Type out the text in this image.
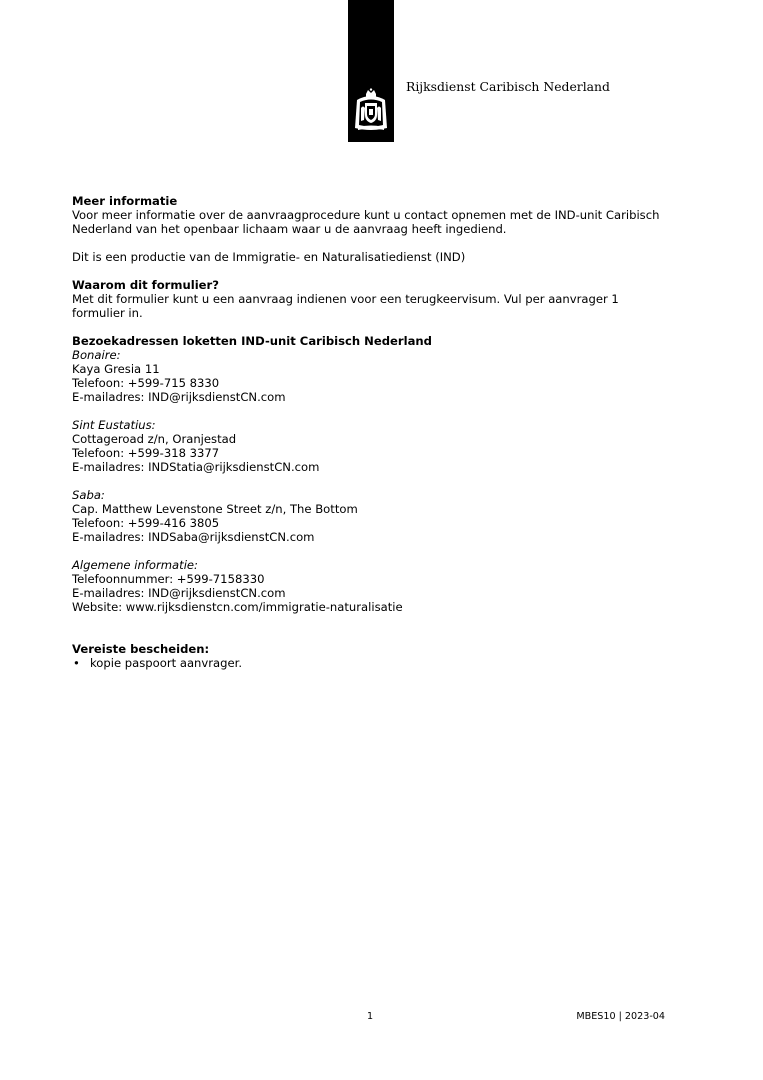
Rijksdienst Caribisch Nederland

Meer informatie

Voor meer informatie over de aanvraagprocedure kunt u contact opnemen met de IND-unit Caribisch

Nederland van het openbaar lichaam waar u de aanvraag heeft ingediend.

Dit is een productie van de Immigratie- en Naturalisatiedienst (IND)

Waarom dit formulier?

Met dit formulier kunt u een aanvraag indienen voor een terugkeervisum. Vul per aanvrager 1

formulier in.

Bezoekadressen loketten IND-unit Caribisch Nederland

Bonaire:

Kaya Gresia 11

Telefoon: +599-715 8330

E-mailadres: IND@rijksdienstCN.com

Sint Eustatius:

Cottageroad z/n, Oranjestad

Telefoon: +599-318 3377

E-mailadres: INDStatia@rijksdienstCN.com

Saba:

Cap. Matthew Levenstone Street z/n, The Bottom

Telefoon: +599-416 3805

E-mailadres: INDSaba@rijksdienstCN.com

Algemene informatie:

Telefoonnummer: +599-7158330

E-mailadres: IND@rijksdienstCN.com

Website: www.rijksdienstcn.com/immigratie-naturalisatie

Vereiste bescheiden:

• kopie paspoort aanvrager.
1	MBES10 | 2023-04
